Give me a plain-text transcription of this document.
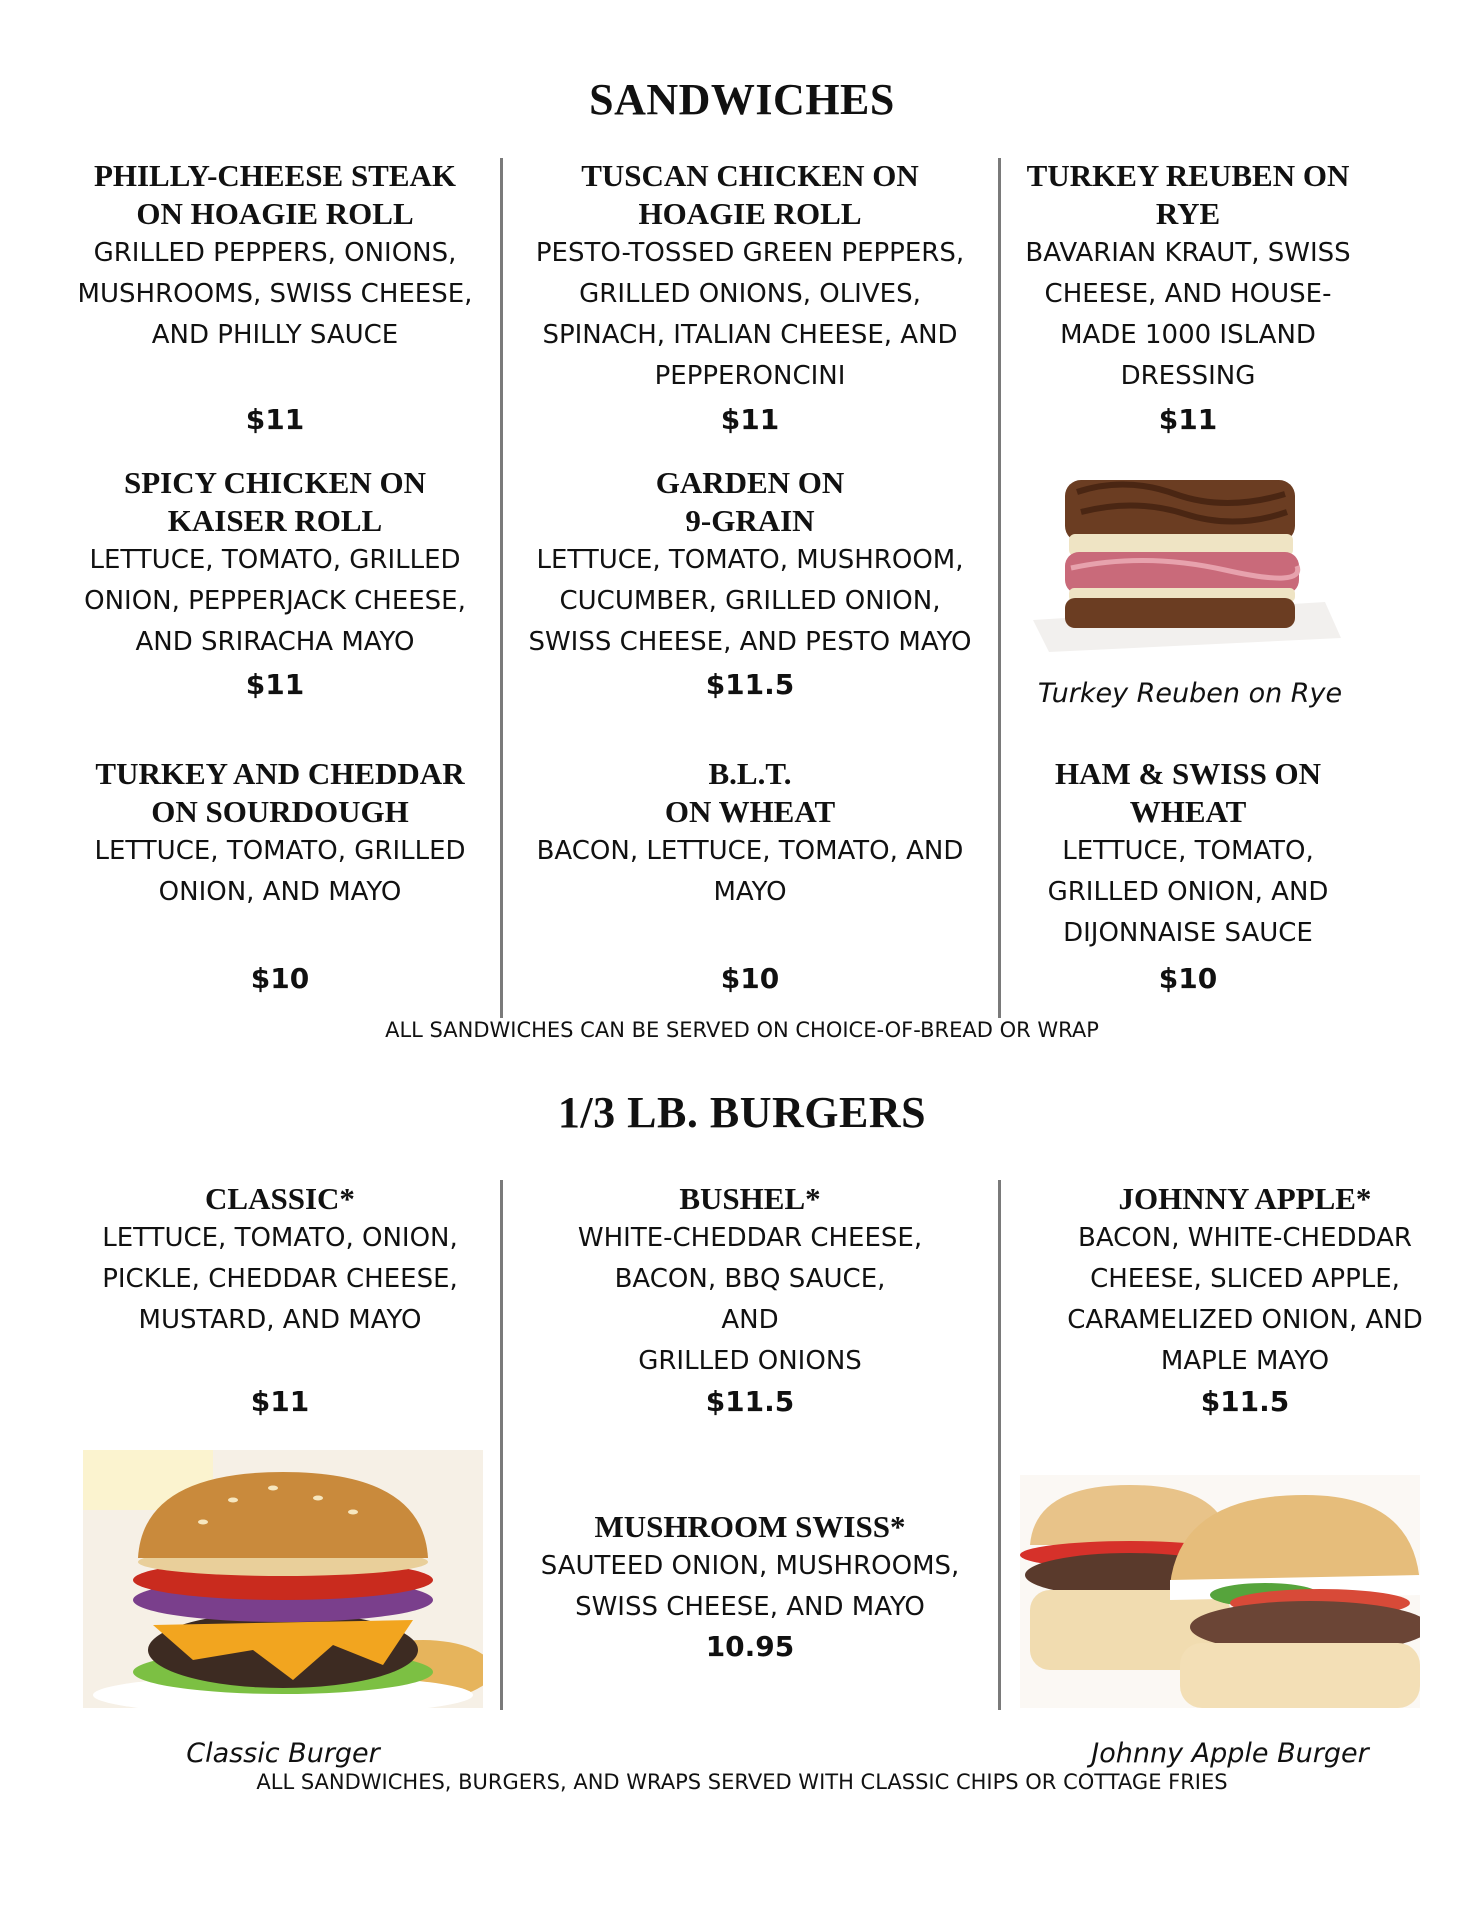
SANDWICHES
PHILLY-CHEESE STEAK
ON HOAGIE ROLL
GRILLED PEPPERS, ONIONS,
MUSHROOMS, SWISS CHEESE,
AND PHILLY SAUCE
$11
TUSCAN CHICKEN ON
HOAGIE ROLL
PESTO-TOSSED GREEN PEPPERS,
GRILLED ONIONS, OLIVES,
SPINACH, ITALIAN CHEESE, AND
PEPPERONCINI
$11
TURKEY REUBEN ON
RYE
BAVARIAN KRAUT, SWISS
CHEESE, AND HOUSE-
MADE 1000 ISLAND
DRESSING
$11
SPICY CHICKEN ON
KAISER ROLL
LETTUCE, TOMATO, GRILLED
ONION, PEPPERJACK CHEESE,
AND SRIRACHA MAYO
$11
GARDEN ON
9-GRAIN
LETTUCE, TOMATO, MUSHROOM,
CUCUMBER, GRILLED ONION,
SWISS CHEESE, AND PESTO MAYO
$11.5	Turkey Reuben on Rye
TURKEY AND CHEDDAR
ON SOURDOUGH
LETTUCE, TOMATO, GRILLED
ONION, AND MAYO
$10
B.L.T.
ON WHEAT
BACON, LETTUCE, TOMATO, AND
MAYO
$10
HAM & SWISS ON
WHEAT
LETTUCE, TOMATO,
GRILLED ONION, AND
DIJONNAISE SAUCE
$10
ALL SANDWICHES CAN BE SERVED ON CHOICE-OF-BREAD OR WRAP
1/3 LB. BURGERS
CLASSIC*
LETTUCE, TOMATO, ONION,
PICKLE, CHEDDAR CHEESE,
MUSTARD, AND MAYO
$11
BUSHEL*
WHITE-CHEDDAR CHEESE,
BACON, BBQ SAUCE,
AND
GRILLED ONIONS
$11.5
JOHNNY APPLE*
BACON, WHITE-CHEDDAR
CHEESE, SLICED APPLE,
CARAMELIZED ONION, AND
MAPLE MAYO
$11.5
MUSHROOM SWISS*
SAUTEED ONION, MUSHROOMS,
SWISS CHEESE, AND MAYO
10.95
Classic Burger	Johnny Apple Burger
ALL SANDWICHES, BURGERS, AND WRAPS SERVED WITH CLASSIC CHIPS OR COTTAGE FRIES
